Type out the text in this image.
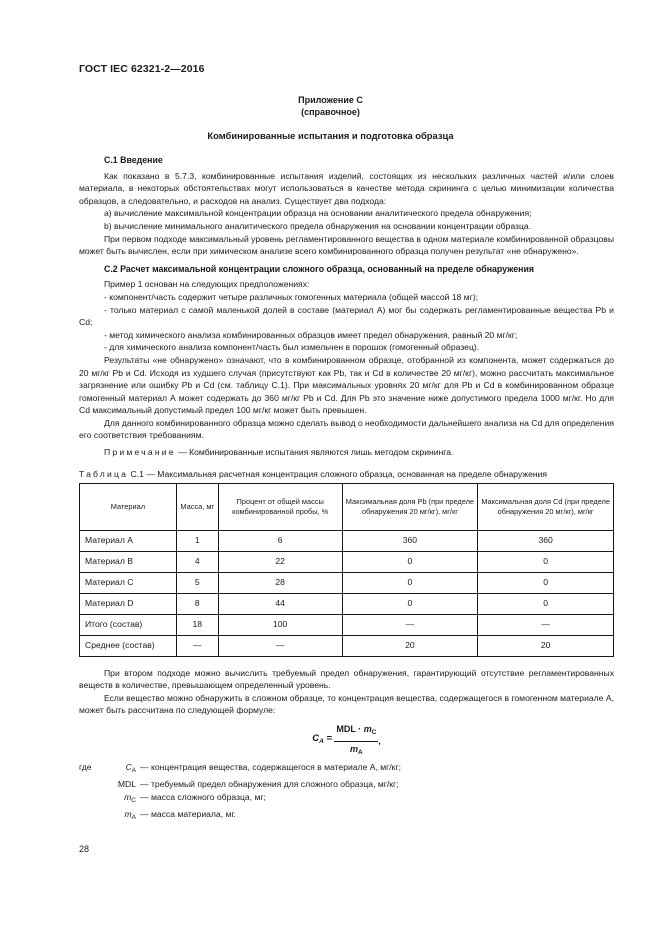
ГОСТ IEC 62321-2—2016
Приложение С
(справочное)
Комбинированные испытания и подготовка образца
С.1 Введение

Как показано в 5.7.3, комбинированные испытания изделий, состоящих из нескольких различных частей и/или слоев материала, в некоторых обстоятельствах могут использоваться в качестве метода скрининга с целью минимизации количества образцов, а следовательно, и расходов на анализ. Существует два подхода:

а) вычисление максимальной концентрации образца на основании аналитического предела обнаружения;

b) вычисление минимального аналитического предела обнаружения на основании концентрации образца.

При первом подходе максимальный уровень регламентированного вещества в одном материале комбинированной образцовы может быть вычислен, если при химическом анализе всего комбинированного образца получен результат «не обнаружено».

С.2 Расчет максимальной концентрации сложного образца, основанный на пределе обнаружения

Пример 1 основан на следующих предположениях:

- компонент/часть содержит четыре различных гомогенных материала (общей массой 18 мг);

- только материал с самой маленькой долей в составе (материал А) мог бы содержать регламентированные вещества Pb и Cd;

- метод химического анализа комбинированных образцов имеет предел обнаружения, равный 20 мг/кг;

- для химического анализа компонент/часть был измельчен в порошок (гомогенный образец).

Результаты «не обнаружено» означают, что в комбинированном образце, отобранной из компонента, может содержаться до 20 мг/кг Pb и Cd. Исходя из худшего случая (присутствуют как Pb, так и Cd в количестве 20 мг/кг), можно рассчитать максимальное загрязнение или ошибку Pb и Cd (см. таблицу С.1). При максимальных уровнях 20 мг/кг для Pb и Cd в комбинированном образце гомогенный материал А может содержать до 360 мг/кг Pb и Cd. Для Pb это значение ниже допустимого предела 1000 мг/кг. Но для Cd максимальный допустимый предел 100 мг/кг может быть превышен.

Для данного комбинированного образца можно сделать вывод о необходимости дальнейшего анализа на Cd для определения его соответствия требованиям.

Примечание — Комбинированные испытания являются лишь методом скрининга.

Таблица С.1 — Максимальная расчетная концентрация сложного образца, основанная на пределе обнаружения

Материал	Масса, мг	Процент от общей массы комбинированной пробы, %	Максимальная доля Pb (при пределе обнаружения 20 мг/кг), мг/кг	Максимальная доля Cd (при пределе обнаружения 20 мг/кг), мг/кг
Материал А	1	6	360	360
Материал В	4	22	0	0
Материал С	5	28	0	0
Материал D	8	44	0	0
Итого (состав)	18	100	—	—
Среднее (состав)	—	—	20	20

При втором подходе можно вычислить требуемый предел обнаружения, гарантирующий отсутствие регламентированных веществ в количестве, превышающем определенный уровень.

Если вещество можно обнаружить в сложном образце, то концентрация вещества, содержащегося в гомогенном материале А, может быть рассчитана по следующей формуле:

$C_A = \frac{MDL \cdot m_C}{m_A}$ ,
где	$C_A$ — концентрация вещества, содержащегося в материале А, мг/кг;
MDL — требуемый предел обнаружения для сложного образца, мг/кг;
$m_C$ — масса сложного образца, мг;
$m_A$ — масса материала, мг.
28
